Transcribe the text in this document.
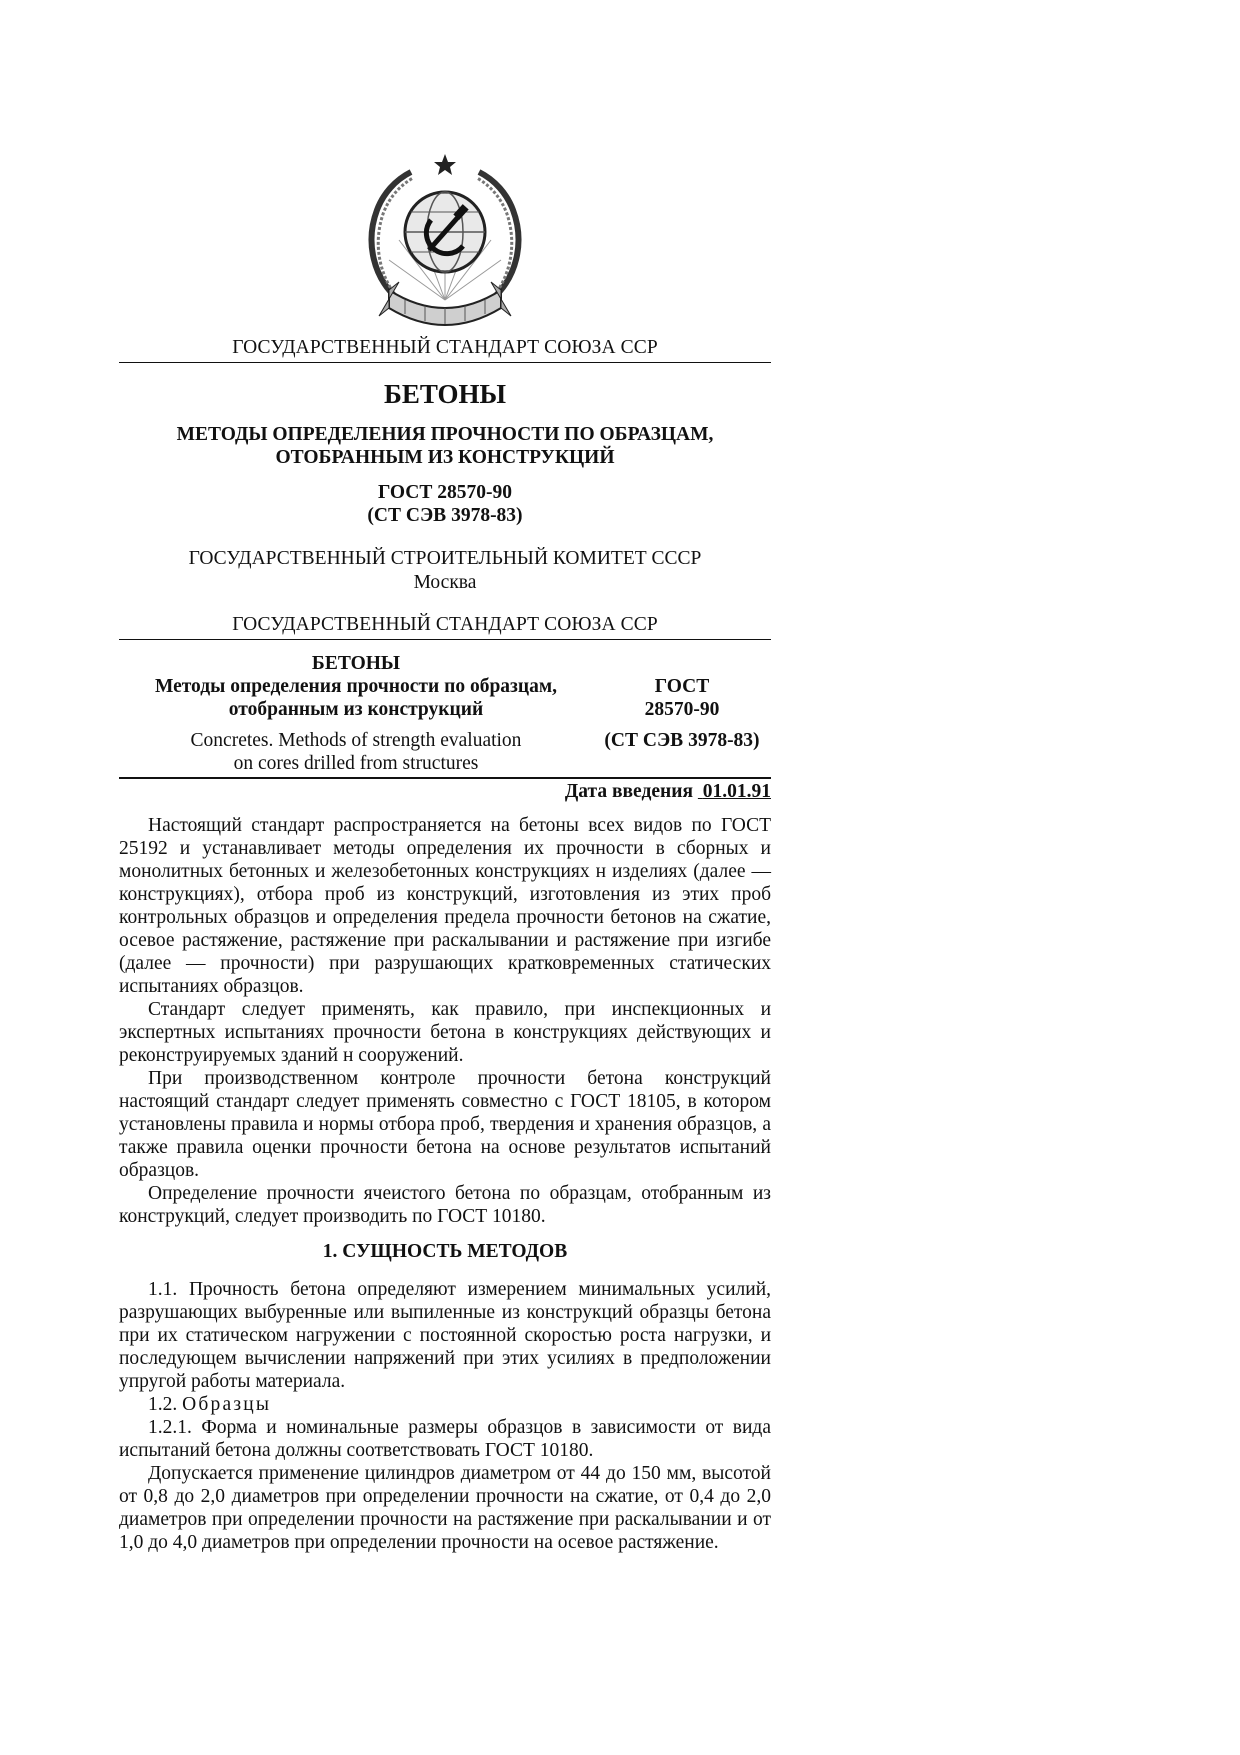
ГОСУДАРСТВЕННЫЙ СТАНДАРТ СОЮЗА ССР
БЕТОНЫ
МЕТОДЫ ОПРЕДЕЛЕНИЯ ПРОЧНОСТИ ПО ОБРАЗЦАМ,
ОТОБРАННЫМ ИЗ КОНСТРУКЦИЙ
ГОСТ 28570-90
(СТ СЭВ 3978-83)
ГОСУДАРСТВЕННЫЙ СТРОИТЕЛЬНЫЙ КОМИТЕТ СССР
Москва
ГОСУДАРСТВЕННЫЙ СТАНДАРТ СОЮЗА ССР
БЕТОНЫ
Методы определения прочности по образцам,
отобранным из конструкций
ГОСТ
28570-90
Concretes. Methods of strength evaluation
on cores drilled from structures
(СТ СЭВ 3978-83)
Дата введения 01.01.91

Настоящий стандарт распространяется на бетоны всех видов по ГОСТ 25192 и устанавливает методы определения их прочности в сборных и монолитных бетонных и железобетонных конструкциях н изделиях (далее — конструкциях), отбора проб из конструкций, изготовления из этих проб контрольных образцов и определения предела прочности бетонов на сжатие, осевое растяжение, растяжение при раскалывании и растяжение при изгибе (далее — прочности) при разрушающих кратковременных статических испытаниях образцов.

Стандарт следует применять, как правило, при инспекционных и экспертных испытаниях прочности бетона в конструкциях действующих и реконструируемых зданий н сооружений.

При производственном контроле прочности бетона конструкций настоящий стандарт следует применять совместно с ГОСТ 18105, в котором установлены правила и нормы отбора проб, твердения и хранения образцов, а также правила оценки прочности бетона на основе результатов испытаний образцов.

Определение прочности ячеистого бетона по образцам, отобранным из конструкций, следует производить по ГОСТ 10180.

1. СУЩНОСТЬ МЕТОДОВ

1.1. Прочность бетона определяют измерением минимальных усилий, разрушающих выбуренные или выпиленные из конструкций образцы бетона при их статическом нагружении с постоянной скоростью роста нагрузки, и последующем вычислении напряжений при этих усилиях в предположении упругой работы материала.

1.2. Образцы

1.2.1. Форма и номинальные размеры образцов в зависимости от вида испытаний бетона должны соответствовать ГОСТ 10180.

Допускается применение цилиндров диаметром от 44 до 150 мм, высотой от 0,8 до 2,0 диаметров при определении прочности на сжатие, от 0,4 до 2,0 диаметров при определении прочности на растяжение при раскалывании и от 1,0 до 4,0 диаметров при определении прочности на осевое растяжение.
